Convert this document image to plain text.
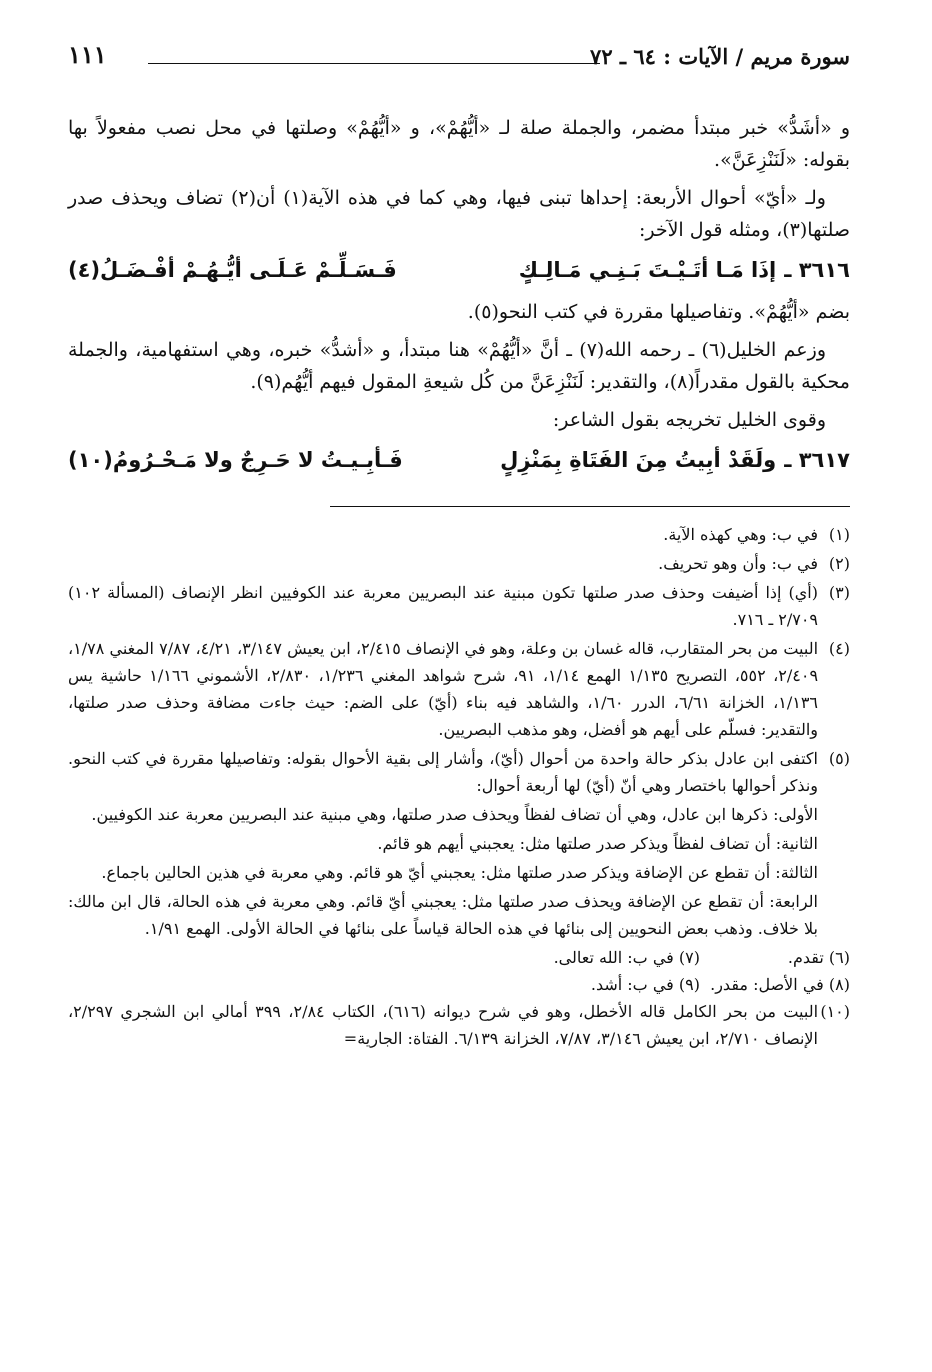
سورة مريم / الآيات : ٦٤ ـ ٧٢
١١١

و «أشَدُّ» خبر مبتدأ مضمر، والجملة صلة لـ «أيُّهُمْ»، و «أيُّهُمْ» وصلتها في محل نصب مفعولاً بها بقوله: «لَنَنْزِعَنَّ».

ولـ «أيّ» أحوال الأربعة: إحداها تبنى فيها، وهي كما في هذه الآية(١) أن(٢) تضاف ويحذف صدر صلتها(٣)، ومثله قول الآخر:

٣٦١٦ ـ
إذَا مَـا أتَـيْـتَ بَـنِـي مَـالِـكٍ
فَـسَـلِّـمْ عَـلَـى أيُّـهُـمْ أفْـضَـلُ(٤)

بضم «أيُّهُمْ». وتفاصيلها مقررة في كتب النحو(٥).

وزعم الخليل(٦) ـ رحمه الله(٧) ـ أنَّ «أيُّهُمْ» هنا مبتدأ، و «أشدُّ» خبره، وهي استفهامية، والجملة محكية بالقول مقدراً(٨)، والتقدير: لَنَنْزِعَنَّ من كُل شيعةِ المقول فيهم أيُّهُم(٩).

وقوى الخليل تخريجه بقول الشاعر:

٣٦١٧ ـ
ولَقَدْ أبِيتُ مِنَ الفَتَاةِ بِمَنْزِلٍ
فَـأبِـيـتُ لا حَـرِجٌ ولا مَـحْـرُومُ(١٠)

(١)
في ب: وهي كهذه الآية.

(٢)
في ب: وأن وهو تحريف.

(٣)
(أي) إذا أضيفت وحذف صدر صلتها تكون مبنية عند البصريين معربة عند الكوفيين انظر الإنصاف (المسألة ١٠٢) ٢/٧٠٩ ـ ٧١٦.

(٤)
البيت من بحر المتقارب، قاله غسان بن وعلة، وهو في الإنصاف ٢/٤١٥، ابن يعيش ٣/١٤٧، ٤/٢١، ٧/٨٧ المغني ١/٧٨، ٢/٤٠٩، ٥٥٢، التصريح ١/١٣٥ الهمع ١/١٤، ٩١، شرح شواهد المغني ١/٢٣٦، ٢/٨٣٠، الأشموني ١/١٦٦ حاشية يس ١/١٣٦، الخزانة ٦/٦١، الدرر ١/٦٠، والشاهد فيه بناء (أيّ) على الضم: حيث جاءت مضافة وحذف صدر صلتها، والتقدير: فسلّم على أيهم هو أفضل، وهو مذهب البصريين.

(٥)
اكتفى ابن عادل بذكر حالة واحدة من أحوال (أيّ)، وأشار إلى بقية الأحوال بقوله: وتفاصيلها مقررة في كتب النحو. ونذكر أحوالها باختصار وهي أنّ (أيّ) لها أربعة أحوال:

الأولى: ذكرها ابن عادل، وهي أن تضاف لفظاً ويحذف صدر صلتها، وهي مبنية عند البصريين معربة عند الكوفيين.

الثانية: أن تضاف لفظاً ويذكر صدر صلتها مثل: يعجبني أيهم هو قائم.

الثالثة: أن تقطع عن الإضافة ويذكر صدر صلتها مثل: يعجبني أيّ هو قائم. وهي معربة في هذين الحالين باجماع.

الرابعة: أن تقطع عن الإضافة ويحذف صدر صلتها مثل: يعجبني أيّ قائم. وهي معربة في هذه الحالة، قال ابن مالك: بلا خلاف. وذهب بعض النحويين إلى بنائها في هذه الحالة قياساً على بنائها في الحالة الأولى. الهمع ١/٩١.

(٦) تقدم.
(٧) في ب: الله تعالى.
(٨) في الأصل: مقدر.
(٩) في ب: أشد.

(١٠)
البيت من بحر الكامل قاله الأخطل، وهو في شرح ديوانه (٦١٦)، الكتاب ٢/٨٤، ٣٩٩ أمالي ابن الشجري ٢/٢٩٧، الإنصاف ٢/٧١٠، ابن يعيش ٣/١٤٦، ٧/٨٧، الخزانة ٦/١٣٩. الفتاة: الجارية=
